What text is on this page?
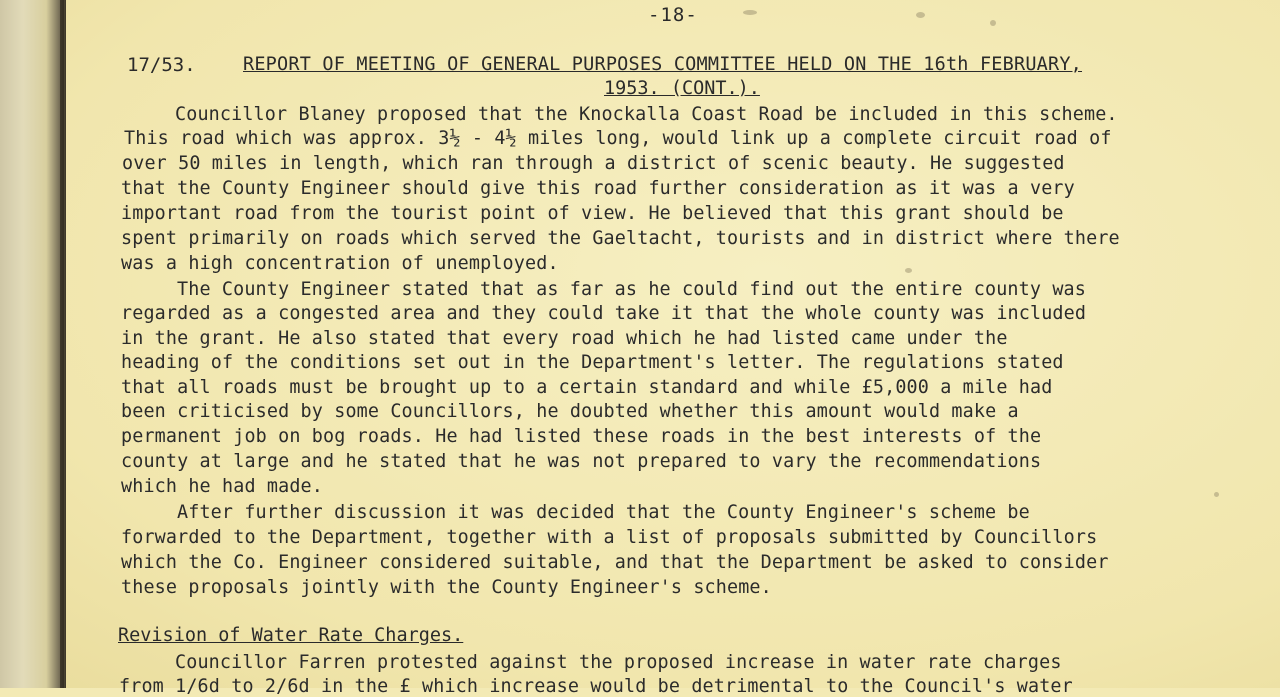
-18-
17/53.	REPORT OF MEETING OF GENERAL PURPOSES COMMITTEE HELD ON THE 16th FEBRUARY,
1953. (CONT.).
Councillor Blaney proposed that the Knockalla Coast Road be included in this scheme.
This road which was approx. 3½ - 4½ miles long, would link up a complete circuit road of
over 50 miles in length, which ran through a district of scenic beauty. He suggested
that the County Engineer should give this road further consideration as it was a very
important road from the tourist point of view. He believed that this grant should be
spent primarily on roads which served the Gaeltacht, tourists and in district where there
was a high concentration of unemployed.
The County Engineer stated that as far as he could find out the entire county was
regarded as a congested area and they could take it that the whole county was included
in the grant. He also stated that every road which he had listed came under the
heading of the conditions set out in the Department's letter. The regulations stated
that all roads must be brought up to a certain standard and while £5,000 a mile had
been criticised by some Councillors, he doubted whether this amount would make a
permanent job on bog roads. He had listed these roads in the best interests of the
county at large and he stated that he was not prepared to vary the recommendations
which he had made.
After further discussion it was decided that the County Engineer's scheme be
forwarded to the Department, together with a list of proposals submitted by Councillors
which the Co. Engineer considered suitable, and that the Department be asked to consider
these proposals jointly with the County Engineer's scheme.
Revision of Water Rate Charges.
Councillor Farren protested against the proposed increase in water rate charges
from 1/6d to 2/6d in the £ which increase would be detrimental to the Council's water
